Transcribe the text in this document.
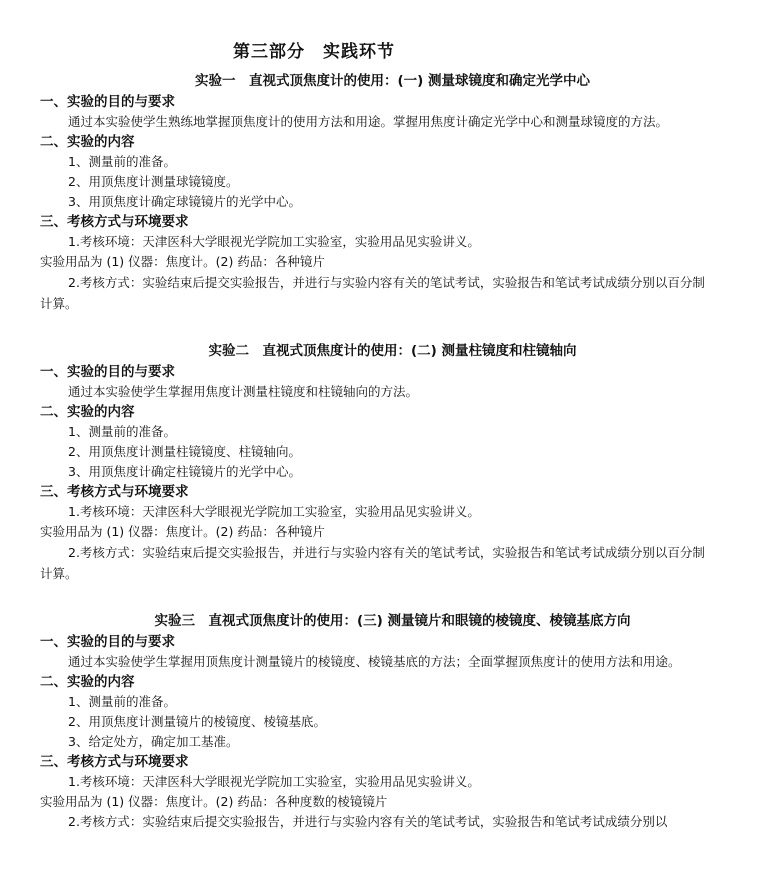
第三部分　实践环节
实验一　直视式顶焦度计的使用：(一) 测量球镜度和确定光学中心
一、实验的目的与要求
通过本实验使学生熟练地掌握顶焦度计的使用方法和用途。掌握用焦度计确定光学中心和测量球镜度的方法。
二、实验的内容
1、测量前的准备。
2、用顶焦度计测量球镜镜度。
3、用顶焦度计确定球镜镜片的光学中心。
三、考核方式与环境要求
1.考核环境：天津医科大学眼视光学院加工实验室，实验用品见实验讲义。
实验用品为 (1) 仪器：焦度计。(2) 药品：各种镜片
2.考核方式：实验结束后提交实验报告，并进行与实验内容有关的笔试考试，实验报告和笔试考试成绩分别以百分制计算。
实验二　直视式顶焦度计的使用：(二) 测量柱镜度和柱镜轴向
一、实验的目的与要求
通过本实验使学生掌握用焦度计测量柱镜度和柱镜轴向的方法。
二、实验的内容
1、测量前的准备。
2、用顶焦度计测量柱镜镜度、柱镜轴向。
3、用顶焦度计确定柱镜镜片的光学中心。
三、考核方式与环境要求
1.考核环境：天津医科大学眼视光学院加工实验室，实验用品见实验讲义。
实验用品为 (1) 仪器：焦度计。(2) 药品：各种镜片
2.考核方式：实验结束后提交实验报告，并进行与实验内容有关的笔试考试，实验报告和笔试考试成绩分别以百分制计算。
实验三　直视式顶焦度计的使用：(三) 测量镜片和眼镜的棱镜度、棱镜基底方向
一、实验的目的与要求
通过本实验使学生掌握用顶焦度计测量镜片的棱镜度、棱镜基底的方法；全面掌握顶焦度计的使用方法和用途。
二、实验的内容
1、测量前的准备。
2、用顶焦度计测量镜片的棱镜度、棱镜基底。
3、给定处方，确定加工基准。
三、考核方式与环境要求
1.考核环境：天津医科大学眼视光学院加工实验室，实验用品见实验讲义。
实验用品为 (1) 仪器：焦度计。(2) 药品：各种度数的棱镜镜片
2.考核方式：实验结束后提交实验报告，并进行与实验内容有关的笔试考试，实验报告和笔试考试成绩分别以
